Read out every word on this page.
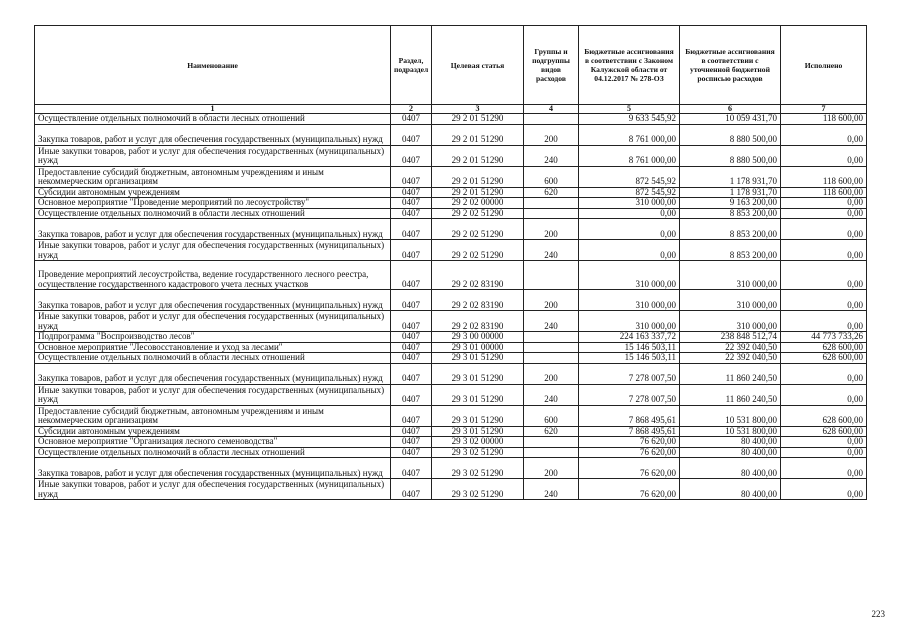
Наименование	Раздел, подраздел	Целевая статья	Группы и подгруппы видов расходов	Бюджетные ассигнования в соответствии с Законом Калужской области от 04.12.2017 № 278-ОЗ	Бюджетные ассигнования в соответствии с уточненной бюджетной росписью расходов	Исполнено
1	2	3	4	5	6	7
Осуществление отдельных полномочий в области лесных отношений	0407	29 2 01 51290		9 633 545,92	10 059 431,70	118 600,00
Закупка товаров, работ и услуг для обеспечения государственных (муниципальных) нужд	0407	29 2 01 51290	200	8 761 000,00	8 880 500,00	0,00
Иные закупки товаров, работ и услуг для обеспечения государственных (муниципальных) нужд	0407	29 2 01 51290	240	8 761 000,00	8 880 500,00	0,00
Предоставление субсидий бюджетным, автономным учреждениям и иным некоммерческим организациям	0407	29 2 01 51290	600	872 545,92	1 178 931,70	118 600,00
Субсидии автономным учреждениям	0407	29 2 01 51290	620	872 545,92	1 178 931,70	118 600,00
Основное мероприятие "Проведение мероприятий по лесоустройству"	0407	29 2 02 00000		310 000,00	9 163 200,00	0,00
Осуществление отдельных полномочий в области лесных отношений	0407	29 2 02 51290		0,00	8 853 200,00	0,00
Закупка товаров, работ и услуг для обеспечения государственных (муниципальных) нужд	0407	29 2 02 51290	200	0,00	8 853 200,00	0,00
Иные закупки товаров, работ и услуг для обеспечения государственных (муниципальных) нужд	0407	29 2 02 51290	240	0,00	8 853 200,00	0,00
Проведение мероприятий лесоустройства, ведение государственного лесного реестра, осуществление государственного кадастрового учета лесных участков	0407	29 2 02 83190		310 000,00	310 000,00	0,00
Закупка товаров, работ и услуг для обеспечения государственных (муниципальных) нужд	0407	29 2 02 83190	200	310 000,00	310 000,00	0,00
Иные закупки товаров, работ и услуг для обеспечения государственных (муниципальных) нужд	0407	29 2 02 83190	240	310 000,00	310 000,00	0,00
Подпрограмма "Воспроизводство лесов"	0407	29 3 00 00000		224 163 337,72	238 848 512,74	44 773 733,26
Основное мероприятие "Лесовосстановление и уход за лесами"	0407	29 3 01 00000		15 146 503,11	22 392 040,50	628 600,00
Осуществление отдельных полномочий в области лесных отношений	0407	29 3 01 51290		15 146 503,11	22 392 040,50	628 600,00
Закупка товаров, работ и услуг для обеспечения государственных (муниципальных) нужд	0407	29 3 01 51290	200	7 278 007,50	11 860 240,50	0,00
Иные закупки товаров, работ и услуг для обеспечения государственных (муниципальных) нужд	0407	29 3 01 51290	240	7 278 007,50	11 860 240,50	0,00
Предоставление субсидий бюджетным, автономным учреждениям и иным некоммерческим организациям	0407	29 3 01 51290	600	7 868 495,61	10 531 800,00	628 600,00
Субсидии автономным учреждениям	0407	29 3 01 51290	620	7 868 495,61	10 531 800,00	628 600,00
Основное мероприятие "Организация лесного семеноводства"	0407	29 3 02 00000		76 620,00	80 400,00	0,00
Осуществление отдельных полномочий в области лесных отношений	0407	29 3 02 51290		76 620,00	80 400,00	0,00
Закупка товаров, работ и услуг для обеспечения государственных (муниципальных) нужд	0407	29 3 02 51290	200	76 620,00	80 400,00	0,00
Иные закупки товаров, работ и услуг для обеспечения государственных (муниципальных) нужд	0407	29 3 02 51290	240	76 620,00	80 400,00	0,00
223
